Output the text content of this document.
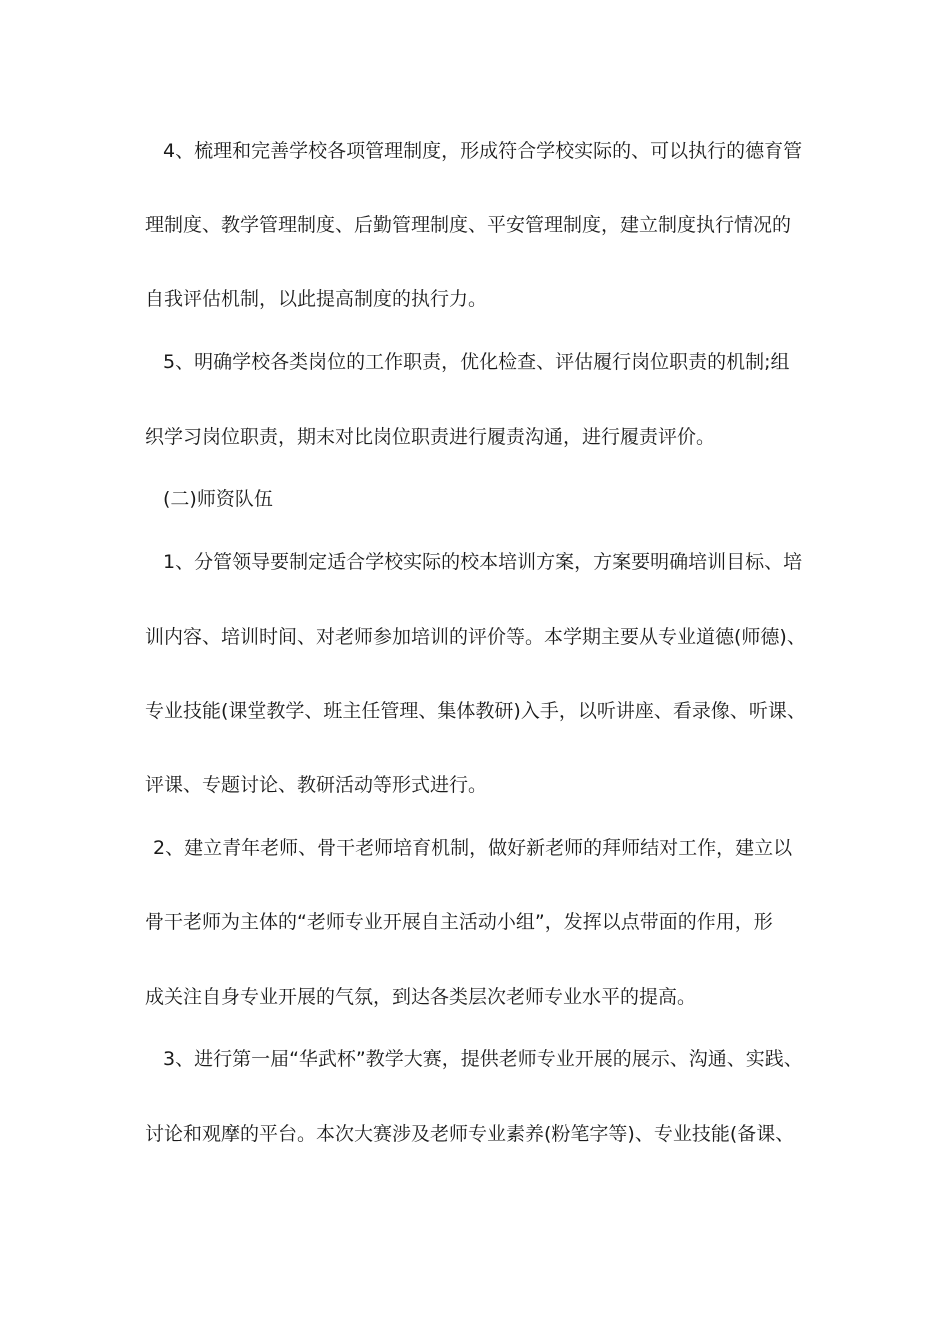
4、梳理和完善学校各项管理制度，形成符合学校实际的、可以执行的德育管
理制度、教学管理制度、后勤管理制度、平安管理制度，建立制度执行情况的
自我评估机制，以此提高制度的执行力。
5、明确学校各类岗位的工作职责，优化检查、评估履行岗位职责的机制;组
织学习岗位职责，期末对比岗位职责进行履责沟通，进行履责评价。
(二)师资队伍
1、分管领导要制定适合学校实际的校本培训方案，方案要明确培训目标、培
训内容、培训时间、对老师参加培训的评价等。本学期主要从专业道德(师德)、
专业技能(课堂教学、班主任管理、集体教研)入手，以听讲座、看录像、听课、
评课、专题讨论、教研活动等形式进行。
2、建立青年老师、骨干老师培育机制，做好新老师的拜师结对工作，建立以
骨干老师为主体的“老师专业开展自主活动小组”，发挥以点带面的作用，形
成关注自身专业开展的气氛，到达各类层次老师专业水平的提高。
3、进行第一届“华武杯”教学大赛，提供老师专业开展的展示、沟通、实践、
讨论和观摩的平台。本次大赛涉及老师专业素养(粉笔字等)、专业技能(备课、
